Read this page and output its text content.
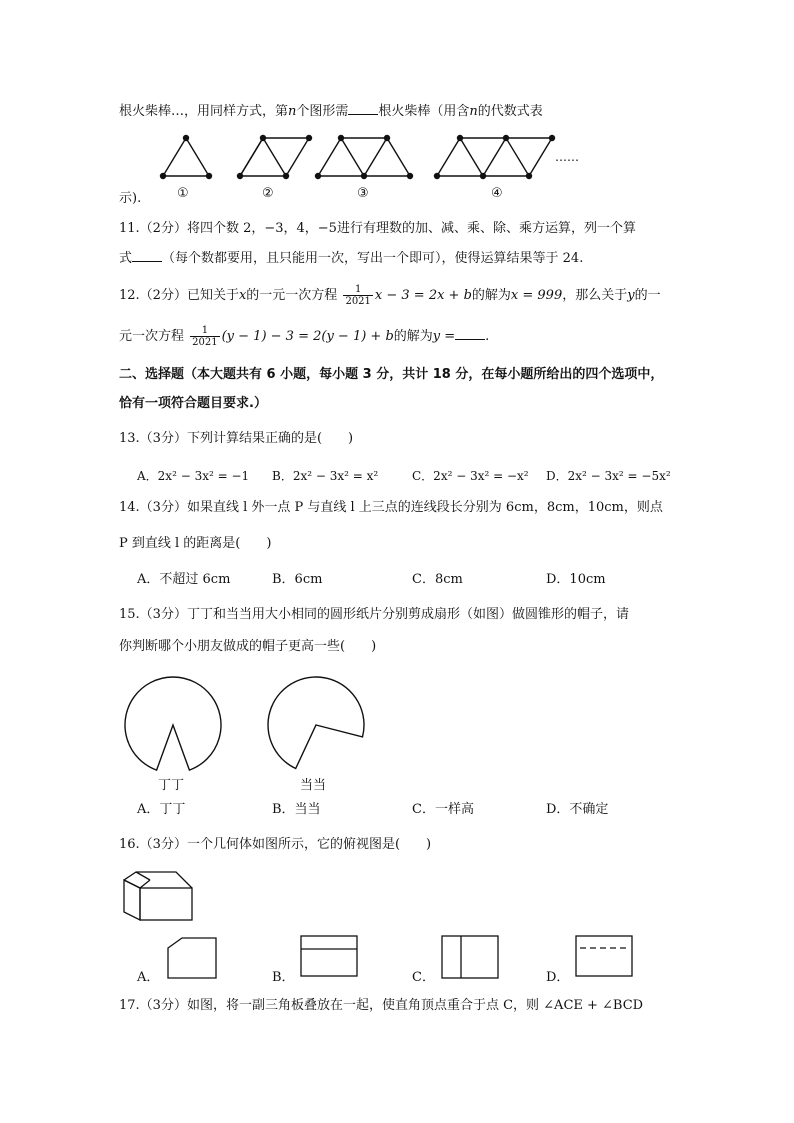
根火柴棒…，用同样方式，第n个图形需 根火柴棒（用含n的代数式表
……
①	②	③	④
示).
11.（2分）将四个数 2，−3，4，−5进行有理数的加、减、乘、除、乘方运算，列一个算
式 （每个数都要用，且只能用一次，写出一个即可），使得运算结果等于 24.
12.（2分）已知关于x的一元一次方程 $\frac{1}{2021}$ x − 3 = 2x + b的解为x = 999，那么关于y的一
元一次方程 $\frac{1}{2021} (y - 1) - 3 = 2(y - 1) + b$的解为y = .
二、选择题（本大题共有 6 小题，每小题 3 分，共计 18 分，在每小题所给出的四个选项中，
恰有一项符合题目要求.）
13.（3分）下列计算结果正确的是(　　)
A．2x² − 3x² = −1 B．2x² − 3x² = x²	C．2x² − 3x² = −x² D．2x² − 3x² = −5x²
14.（3分）如果直线 l 外一点 P 与直线 l 上三点的连线段长分别为 6cm，8cm，10cm，则点
P 到直线 l 的距离是(　　)
A．不超过 6cm	B．6cm	C．8cm	D．10cm
15.（3分）丁丁和当当用大小相同的圆形纸片分别剪成扇形（如图）做圆锥形的帽子，请
你判断哪个小朋友做成的帽子更高一些(　　)
丁丁	当当
A．丁丁	B．当当	C．一样高	D．不确定
16.（3分）一个几何体如图所示，它的俯视图是(　　)
A．	B．	C．	D．
17.（3分）如图，将一副三角板叠放在一起，使直角顶点重合于点 C，则 ∠ACE + ∠BCD
